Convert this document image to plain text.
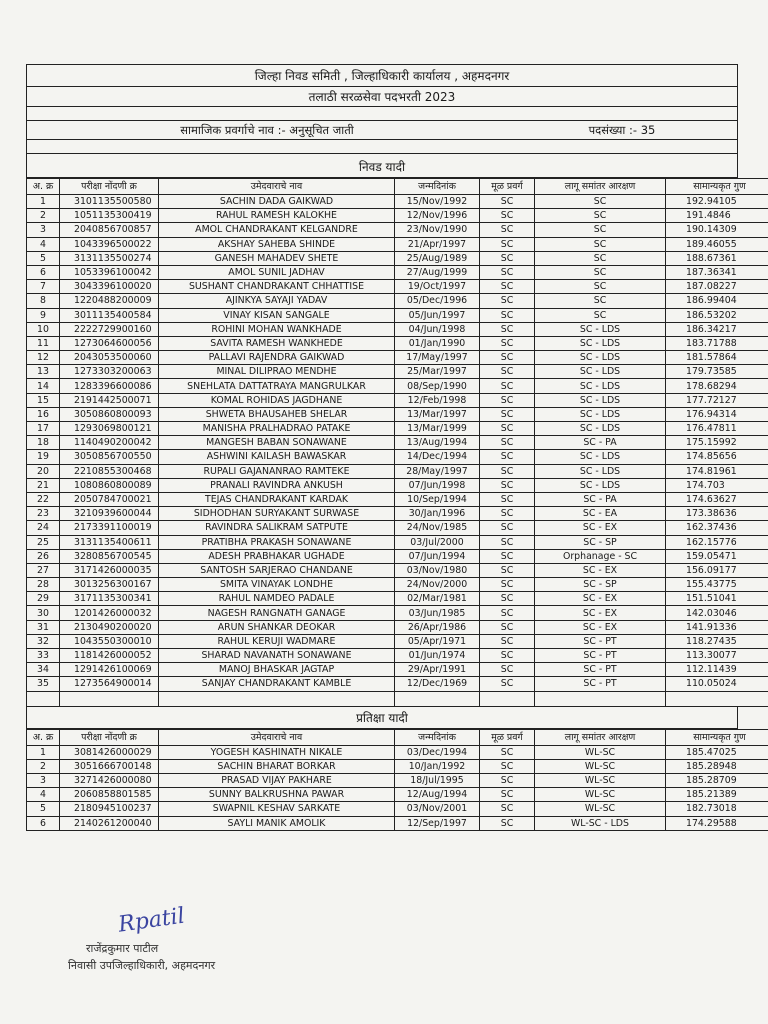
जिल्हा निवड समिती , जिल्हाधिकारी कार्यालय , अहमदनगर
तलाठी सरळसेवा पदभरती 2023
सामाजिक प्रवर्गाचे नाव :- अनुसूचित जाती	पदसंख्या :- 35
निवड यादी
अ. क्र	परीक्षा नोंदणी क्र	उमेदवाराचे नाव	जन्मदिनांक	मूळ प्रवर्ग	लागू समांतर आरक्षण	सामान्यकृत गुण
1	3101135500580	SACHIN DADA GAIKWAD	15/Nov/1992	SC	SC	192.94105
2	1051135300419	RAHUL RAMESH KALOKHE	12/Nov/1996	SC	SC	191.4846
3	2040856700857	AMOL CHANDRAKANT KELGANDRE	23/Nov/1990	SC	SC	190.14309
4	1043396500022	AKSHAY SAHEBA SHINDE	21/Apr/1997	SC	SC	189.46055
5	3131135500274	GANESH MAHADEV SHETE	25/Aug/1989	SC	SC	188.67361
6	1053396100042	AMOL SUNIL JADHAV	27/Aug/1999	SC	SC	187.36341
7	3043396100020	SUSHANT CHANDRAKANT CHHATTISE	19/Oct/1997	SC	SC	187.08227
8	1220488200009	AJINKYA SAYAJI YADAV	05/Dec/1996	SC	SC	186.99404
9	3011135400584	VINAY KISAN SANGALE	05/Jun/1997	SC	SC	186.53202
10	2222729900160	ROHINI MOHAN WANKHADE	04/Jun/1998	SC	SC - LDS	186.34217
11	1273064600056	SAVITA RAMESH WANKHEDE	01/Jan/1990	SC	SC - LDS	183.71788
12	2043053500060	PALLAVI RAJENDRA GAIKWAD	17/May/1997	SC	SC - LDS	181.57864
13	1273303200063	MINAL DILIPRAO MENDHE	25/Mar/1997	SC	SC - LDS	179.73585
14	1283396600086	SNEHLATA DATTATRAYA MANGRULKAR	08/Sep/1990	SC	SC - LDS	178.68294
15	2191442500071	KOMAL ROHIDAS JAGDHANE	12/Feb/1998	SC	SC - LDS	177.72127
16	3050860800093	SHWETA BHAUSAHEB SHELAR	13/Mar/1997	SC	SC - LDS	176.94314
17	1293069800121	MANISHA PRALHADRAO PATAKE	13/Mar/1999	SC	SC - LDS	176.47811
18	1140490200042	MANGESH BABAN SONAWANE	13/Aug/1994	SC	SC - PA	175.15992
19	3050856700550	ASHWINI KAILASH BAWASKAR	14/Dec/1994	SC	SC - LDS	174.85656
20	2210855300468	RUPALI GAJANANRAO RAMTEKE	28/May/1997	SC	SC - LDS	174.81961
21	1080860800089	PRANALI RAVINDRA ANKUSH	07/Jun/1998	SC	SC - LDS	174.703
22	2050784700021	TEJAS CHANDRAKANT KARDAK	10/Sep/1994	SC	SC - PA	174.63627
23	3210939600044	SIDHODHAN SURYAKANT SURWASE	30/Jan/1996	SC	SC - EA	173.38636
24	2173391100019	RAVINDRA SALIKRAM SATPUTE	24/Nov/1985	SC	SC - EX	162.37436
25	3131135400611	PRATIBHA PRAKASH SONAWANE	03/Jul/2000	SC	SC - SP	162.15776
26	3280856700545	ADESH PRABHAKAR UGHADE	07/Jun/1994	SC	Orphanage - SC	159.05471
27	3171426000035	SANTOSH SARJERAO CHANDANE	03/Nov/1980	SC	SC - EX	156.09177
28	3013256300167	SMITA VINAYAK LONDHE	24/Nov/2000	SC	SC - SP	155.43775
29	3171135300341	RAHUL NAMDEO PADALE	02/Mar/1981	SC	SC - EX	151.51041
30	1201426000032	NAGESH RANGNATH GANAGE	03/Jun/1985	SC	SC - EX	142.03046
31	2130490200020	ARUN SHANKAR DEOKAR	26/Apr/1986	SC	SC - EX	141.91336
32	1043550300010	RAHUL KERUJI WADMARE	05/Apr/1971	SC	SC - PT	118.27435
33	1181426000052	SHARAD NAVANATH SONAWANE	01/Jun/1974	SC	SC - PT	113.30077
34	1291426100069	MANOJ BHASKAR JAGTAP	29/Apr/1991	SC	SC - PT	112.11439
35	1273564900014	SANJAY CHANDRAKANT KAMBLE	12/Dec/1969	SC	SC - PT	110.05024

प्रतिक्षा यादी
अ. क्र	परीक्षा नोंदणी क्र	उमेदवाराचे नाव	जन्मदिनांक	मूळ प्रवर्ग	लागू समांतर आरक्षण	सामान्यकृत गुण
1	3081426000029	YOGESH KASHINATH NIKALE	03/Dec/1994	SC	WL-SC	185.47025
2	3051666700148	SACHIN BHARAT BORKAR	10/Jan/1992	SC	WL-SC	185.28948
3	3271426000080	PRASAD VIJAY PAKHARE	18/Jul/1995	SC	WL-SC	185.28709
4	2060858801585	SUNNY BALKRUSHNA PAWAR	12/Aug/1994	SC	WL-SC	185.21389
5	2180945100237	SWAPNIL KESHAV SARKATE	03/Nov/2001	SC	WL-SC	182.73018
6	2140261200040	SAYLI MANIK AMOLIK	12/Sep/1997	SC	WL-SC - LDS	174.29588
Rpatil
राजेंद्रकुमार पाटील
निवासी उपजिल्हाधिकारी, अहमदनगर
